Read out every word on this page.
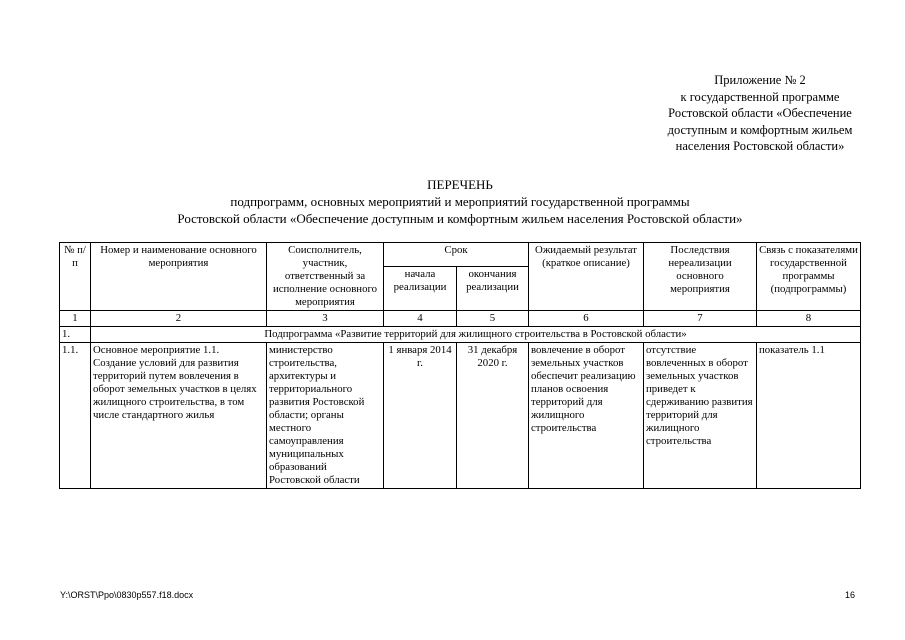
Приложение № 2
к государственной программе
Ростовской области «Обеспечение
доступным и комфортным жильем
населения Ростовской области»
ПЕРЕЧЕНЬ
подпрограмм, основных мероприятий и мероприятий государственной программы
Ростовской области «Обеспечение доступным и комфортным жильем населения Ростовской области»
№ п/п	Номер и наименование основного мероприятия	Соисполнитель, участник, ответственный за исполнение основного мероприятия	Срок		Ожидаемый результат (краткое описание)	Последствия нереализации основного мероприятия	Связь с показателями государственной программы (подпрограммы)
			начала реализации	окончания реализации			
1	2	3	4	5	6	7	8
1.	Подпрограмма «Развитие территорий для жилищного строительства в Ростовской области»						
1.1.	Основное мероприятие 1.1. Создание условий для развития территорий путем вовлечения в оборот земельных участков в целях жилищного строительства, в том числе стандартного жилья	министерство строительства, архитектуры и территориального развития Ростовской области; органы местного самоуправления муниципальных образований Ростовской области	1 января 2014 г.	31 декабря 2020 г.	вовлечение в оборот земельных участков обеспечит реализацию планов освоения территорий для жилищного строительства	отсутствие вовлеченных в оборот земельных участков приведет к сдерживанию развития территорий для жилищного строительства	показатель 1.1
Y:\ORST\Ppo\0830p557.f18.docx	16
